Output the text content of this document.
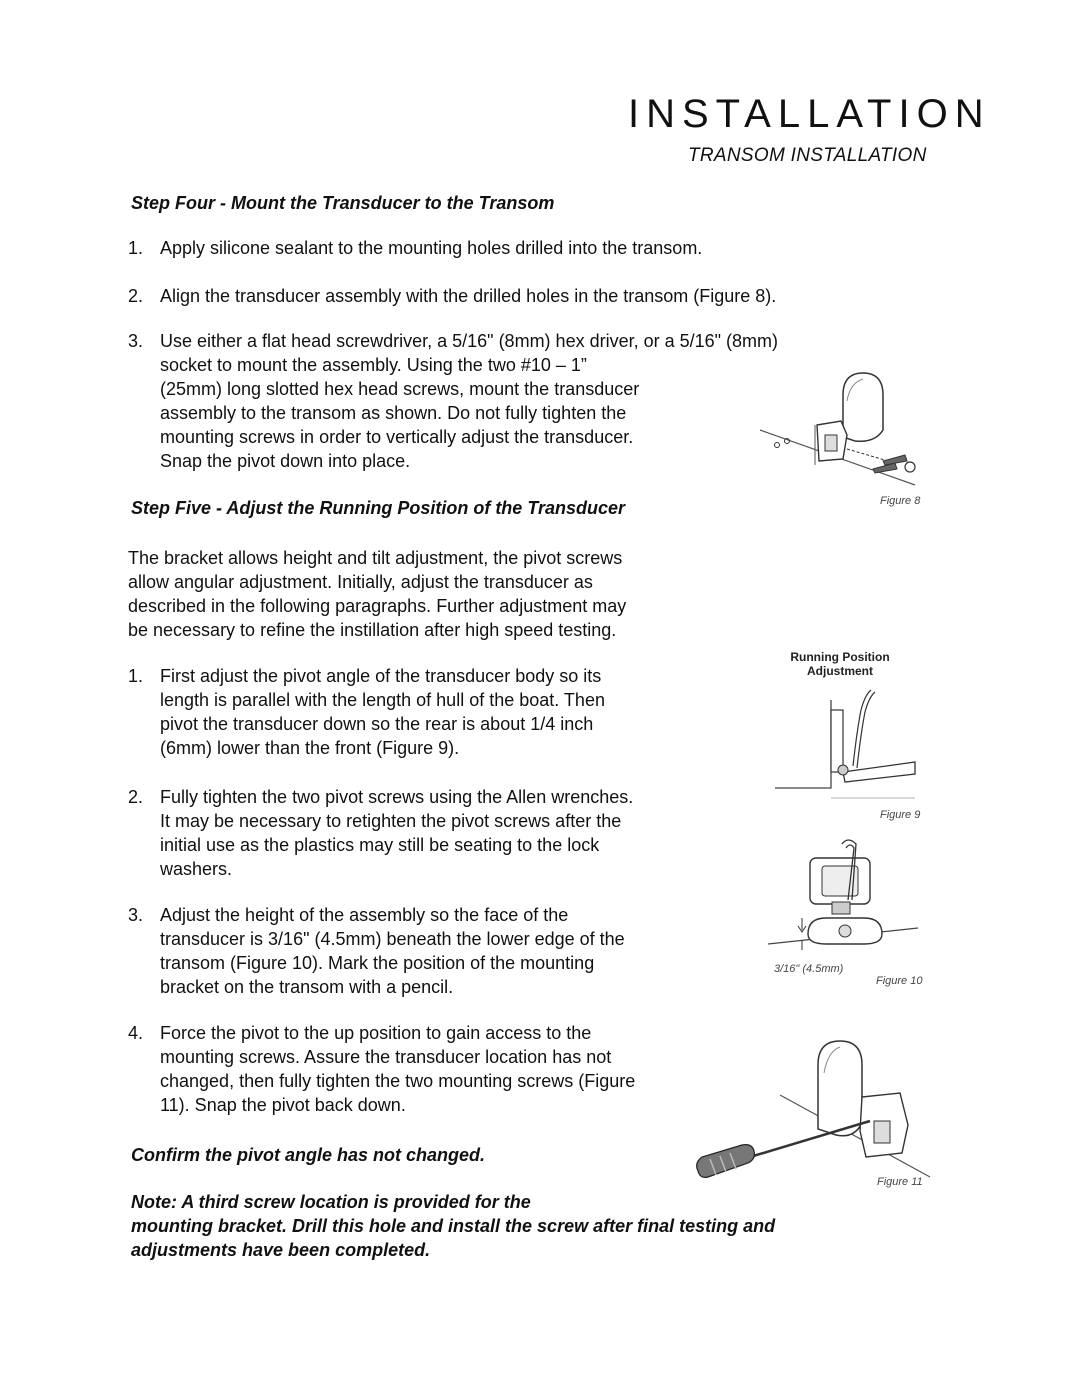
INSTALLATION
TRANSOM INSTALLATION
Step Four - Mount the Transducer to the Transom
1. Apply silicone sealant to the mounting holes drilled into the transom.
2. Align the transducer assembly with the drilled holes in the transom (Figure 8).
3. Use either a flat head screwdriver, a 5/16" (8mm) hex driver, or a 5/16" (8mm)
socket to mount the assembly. Using the two #10 – 1”
(25mm) long slotted hex head screws, mount the transducer
assembly to the transom as shown. Do not fully tighten the
mounting screws in order to vertically adjust the transducer.
Snap the pivot down into place.
Figure 8
Step Five - Adjust the Running Position of the Transducer
The bracket allows height and tilt adjustment, the pivot screws
allow angular adjustment. Initially, adjust the transducer as
described in the following paragraphs. Further adjustment may
be necessary to refine the instillation after high speed testing.
1. First adjust the pivot angle of the transducer body so its
length is parallel with the length of hull of the boat. Then
pivot the transducer down so the rear is about 1/4 inch
(6mm) lower than the front (Figure 9).
2. Fully tighten the two pivot screws using the Allen wrenches.
It may be necessary to retighten the pivot screws after the
initial use as the plastics may still be seating to the lock
washers.
3. Adjust the height of the assembly so the face of the
transducer is 3/16" (4.5mm) beneath the lower edge of the
transom (Figure 10). Mark the position of the mounting
bracket on the transom with a pencil.
4. Force the pivot to the up position to gain access to the
mounting screws. Assure the transducer location has not
changed, then fully tighten the two mounting screws (Figure
11). Snap the pivot back down.
Confirm the pivot angle has not changed.
Note: A third screw location is provided for the
mounting bracket. Drill this hole and install the screw after final testing and
adjustments have been completed.
Running Position
Adjustment
Figure 9
3/16" (4.5mm)
Figure 10
Figure 11
